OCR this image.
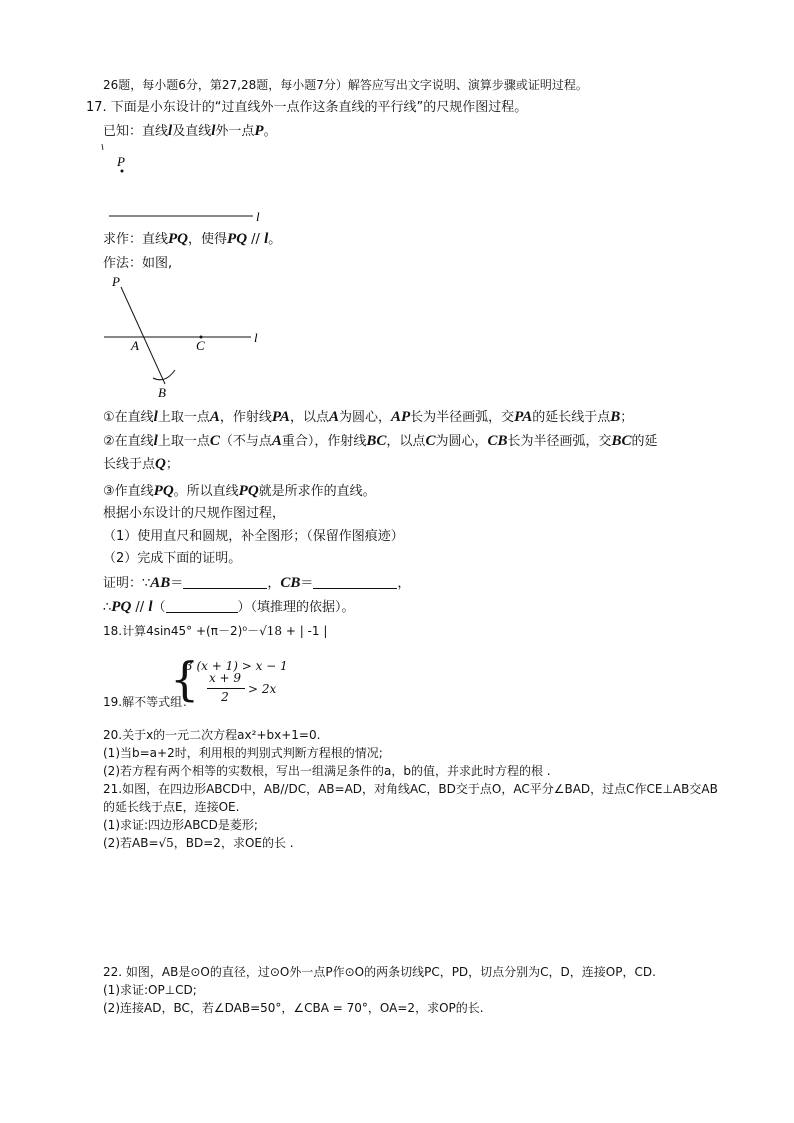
26题，每小题6分，第27,28题，每小题7分）解答应写出文字说明、演算步骤或证明过程。
17. 下面是小东设计的“过直线外一点作这条直线的平行线”的尺规作图过程。
已知：直线l及直线l外一点P。
P
l
求作：直线PQ，使得PQ // l。
作法：如图,
P
l
A	C
B
①在直线l上取一点A，作射线PA，以点A为圆心，AP长为半径画弧，交PA的延长线于点B；
②在直线l上取一点C（不与点A重合），作射线BC，以点C为圆心，CB长为半径画弧，交BC的延
长线于点Q；
③作直线PQ。所以直线PQ就是所求作的直线。
根据小东设计的尺规作图过程，
（1）使用直尺和圆规，补全图形；（保留作图痕迹）
（2）完成下面的证明。
证明：∵AB＝	，CB＝	，
∴PQ // l（	）（填推理的依据）。
18.计算4sin45° +(π－2)⁰－√18 + | -1 |
{
3 (x + 1) > x − 1
x + 9
2
> 2x
19.解不等式组：
20.关于x的一元二次方程ax²+bx+1=0.
(1)当b=a+2时，利用根的判别式判断方程根的情况;
(2)若方程有两个相等的实数根，写出一组满足条件的a，b的值，并求此时方程的根 .
21.如图，在四边形ABCD中，AB//DC，AB=AD，对角线AC，BD交于点O，AC平分∠BAD，过点C作CE⊥AB交AB
的延长线于点E，连接OE.
(1)求证:四边形ABCD是菱形;
(2)若AB=√5，BD=2，求OE的长 .
22. 如图，AB是⊙O的直径，过⊙O外一点P作⊙O的两条切线PC，PD，切点分别为C，D，连接OP，CD.
(1)求证:OP⊥CD;
(2)连接AD，BC，若∠DAB=50°，∠CBA = 70°，OA=2，求OP的长.
